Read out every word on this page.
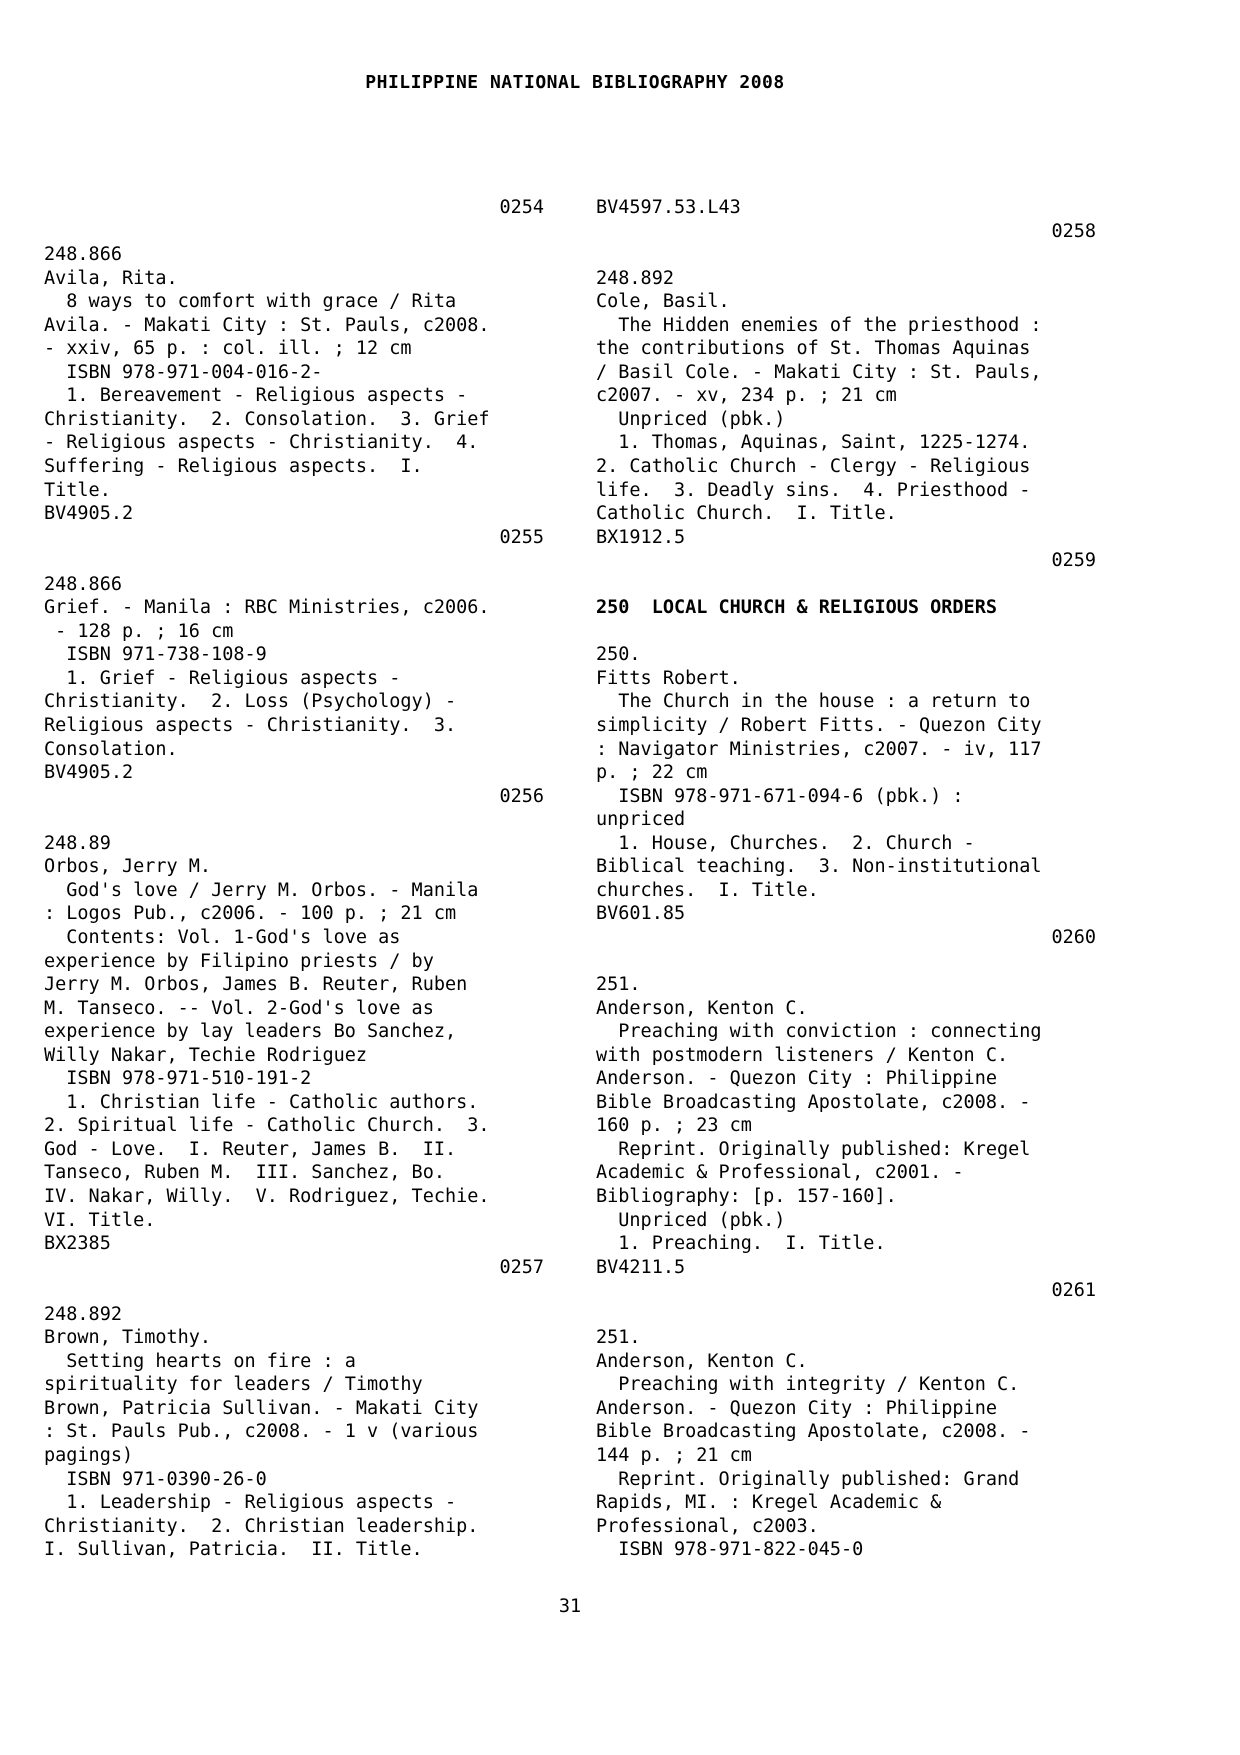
PHILIPPINE NATIONAL BIBLIOGRAPHY 2008
0254
248.866
Avila, Rita.
8 ways to comfort with grace / Rita
Avila. - Makati City : St. Pauls, c2008.
- xxiv, 65 p. : col. ill. ; 12 cm
ISBN 978-971-004-016-2-
1. Bereavement - Religious aspects -
Christianity.  2. Consolation.  3. Grief
- Religious aspects - Christianity.  4.
Suffering - Religious aspects.  I.
Title.
BV4905.2
0255
248.866
Grief. - Manila : RBC Ministries, c2006.
- 128 p. ; 16 cm
ISBN 971-738-108-9
1. Grief - Religious aspects -
Christianity.  2. Loss (Psychology) -
Religious aspects - Christianity.  3.
Consolation.
BV4905.2
0256
248.89
Orbos, Jerry M.
God's love / Jerry M. Orbos. - Manila
: Logos Pub., c2006. - 100 p. ; 21 cm
Contents: Vol. 1-God's love as
experience by Filipino priests / by
Jerry M. Orbos, James B. Reuter, Ruben
M. Tanseco. -- Vol. 2-God's love as
experience by lay leaders Bo Sanchez,
Willy Nakar, Techie Rodriguez
ISBN 978-971-510-191-2
1. Christian life - Catholic authors.
2. Spiritual life - Catholic Church.  3.
God - Love.  I. Reuter, James B.  II.
Tanseco, Ruben M.  III. Sanchez, Bo.
IV. Nakar, Willy.  V. Rodriguez, Techie.
VI. Title.
BX2385
0257
248.892
Brown, Timothy.
Setting hearts on fire : a
spirituality for leaders / Timothy
Brown, Patricia Sullivan. - Makati City
: St. Pauls Pub., c2008. - 1 v (various
pagings)
ISBN 971-0390-26-0
1. Leadership - Religious aspects -
Christianity.  2. Christian leadership.
I. Sullivan, Patricia.  II. Title.
BV4597.53.L43
0258
248.892
Cole, Basil.
The Hidden enemies of the priesthood :
the contributions of St. Thomas Aquinas
/ Basil Cole. - Makati City : St. Pauls,
c2007. - xv, 234 p. ; 21 cm
Unpriced (pbk.)
1. Thomas, Aquinas, Saint, 1225-1274.
2. Catholic Church - Clergy - Religious
life.  3. Deadly sins.  4. Priesthood -
Catholic Church.  I. Title.
BX1912.5
0259
250  LOCAL CHURCH & RELIGIOUS ORDERS
250.
Fitts Robert.
The Church in the house : a return to
simplicity / Robert Fitts. - Quezon City
: Navigator Ministries, c2007. - iv, 117
p. ; 22 cm
ISBN 978-971-671-094-6 (pbk.) :
unpriced
1. House, Churches.  2. Church -
Biblical teaching.  3. Non-institutional
churches.  I. Title.
BV601.85
0260
251.
Anderson, Kenton C.
Preaching with conviction : connecting
with postmodern listeners / Kenton C.
Anderson. - Quezon City : Philippine
Bible Broadcasting Apostolate, c2008. -
160 p. ; 23 cm
Reprint. Originally published: Kregel
Academic & Professional, c2001. -
Bibliography: [p. 157-160].
Unpriced (pbk.)
1. Preaching.  I. Title.
BV4211.5
0261
251.
Anderson, Kenton C.
Preaching with integrity / Kenton C.
Anderson. - Quezon City : Philippine
Bible Broadcasting Apostolate, c2008. -
144 p. ; 21 cm
Reprint. Originally published: Grand
Rapids, MI. : Kregel Academic &
Professional, c2003.
ISBN 978-971-822-045-0
31
